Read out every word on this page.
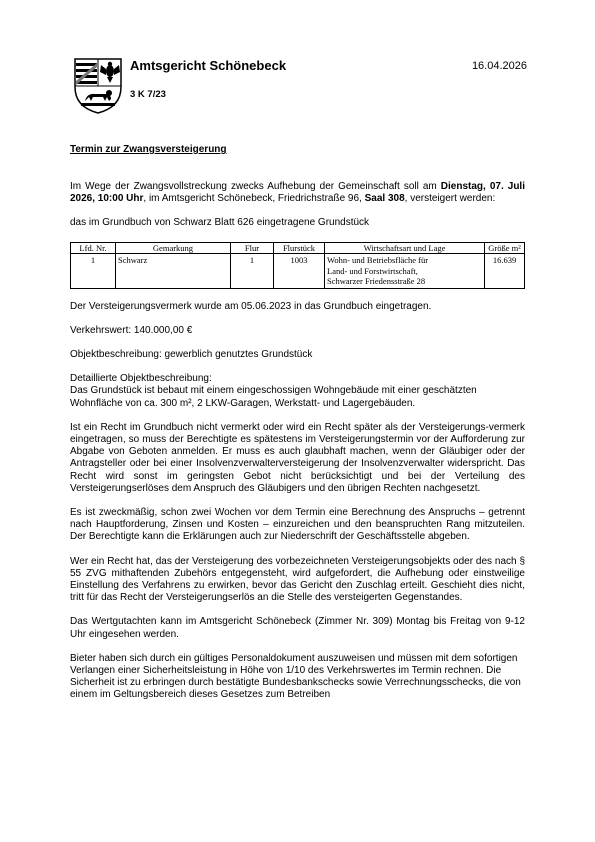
Amtsgericht Schönebeck
3 K 7/23
16.04.2026
Termin zur Zwangsversteigerung

Im Wege der Zwangsvollstreckung zwecks Aufhebung der Gemeinschaft soll am Dienstag, 07. Juli 2026, 10:00 Uhr, im Amtsgericht Schönebeck, Friedrichstraße 96, Saal 308, versteigert werden:

das im Grundbuch von Schwarz Blatt 626 eingetragene Grundstück

Lfd. Nr.	Gemarkung	Flur	Flurstück	Wirtschaftsart und Lage	Größe m²
1	Schwarz	1	1003	Wohn- und Betriebsfläche für
Land- und Forstwirtschaft,
Schwarzer Friedensstraße 28	16.639

Der Versteigerungsvermerk wurde am 05.06.2023 in das Grundbuch eingetragen.

Verkehrswert: 140.000,00 €

Objektbeschreibung: gewerblich genutztes Grundstück

Detaillierte Objektbeschreibung:
Das Grundstück ist bebaut mit einem eingeschossigen Wohngebäude mit einer geschätzten Wohnfläche von ca. 300 m², 2 LKW-Garagen, Werkstatt- und Lagergebäuden.

Ist ein Recht im Grundbuch nicht vermerkt oder wird ein Recht später als der Versteigerungs-vermerk eingetragen, so muss der Berechtigte es spätestens im Versteigerungstermin vor der Aufforderung zur Abgabe von Geboten anmelden. Er muss es auch glaubhaft machen, wenn der Gläubiger oder der Antragsteller oder bei einer Insolvenzverwalterversteigerung der Insolvenzverwalter widerspricht. Das Recht wird sonst im geringsten Gebot nicht berücksichtigt und bei der Verteilung des Versteigerungserlöses dem Anspruch des Gläubigers und den übrigen Rechten nachgesetzt.

Es ist zweckmäßig, schon zwei Wochen vor dem Termin eine Berechnung des Anspruchs – getrennt nach Hauptforderung, Zinsen und Kosten – einzureichen und den beanspruchten Rang mitzuteilen. Der Berechtigte kann die Erklärungen auch zur Niederschrift der Geschäftsstelle abgeben.

Wer ein Recht hat, das der Versteigerung des vorbezeichneten Versteigerungsobjekts oder des nach § 55 ZVG mithaftenden Zubehörs entgegensteht, wird aufgefordert, die Aufhebung oder einstweilige Einstellung des Verfahrens zu erwirken, bevor das Gericht den Zuschlag erteilt. Geschieht dies nicht, tritt für das Recht der Versteigerungserlös an die Stelle des versteigerten Gegenstandes.

Das Wertgutachten kann im Amtsgericht Schönebeck (Zimmer Nr. 309) Montag bis Freitag von 9-12 Uhr eingesehen werden.

Bieter haben sich durch ein gültiges Personaldokument auszuweisen und müssen mit dem sofortigen Verlangen einer Sicherheitsleistung in Höhe von 1/10 des Verkehrswertes im Termin rechnen. Die Sicherheit ist zu erbringen durch bestätigte Bundesbankschecks sowie Verrechnungsschecks, die von einem im Geltungsbereich dieses Gesetzes zum Betreiben
